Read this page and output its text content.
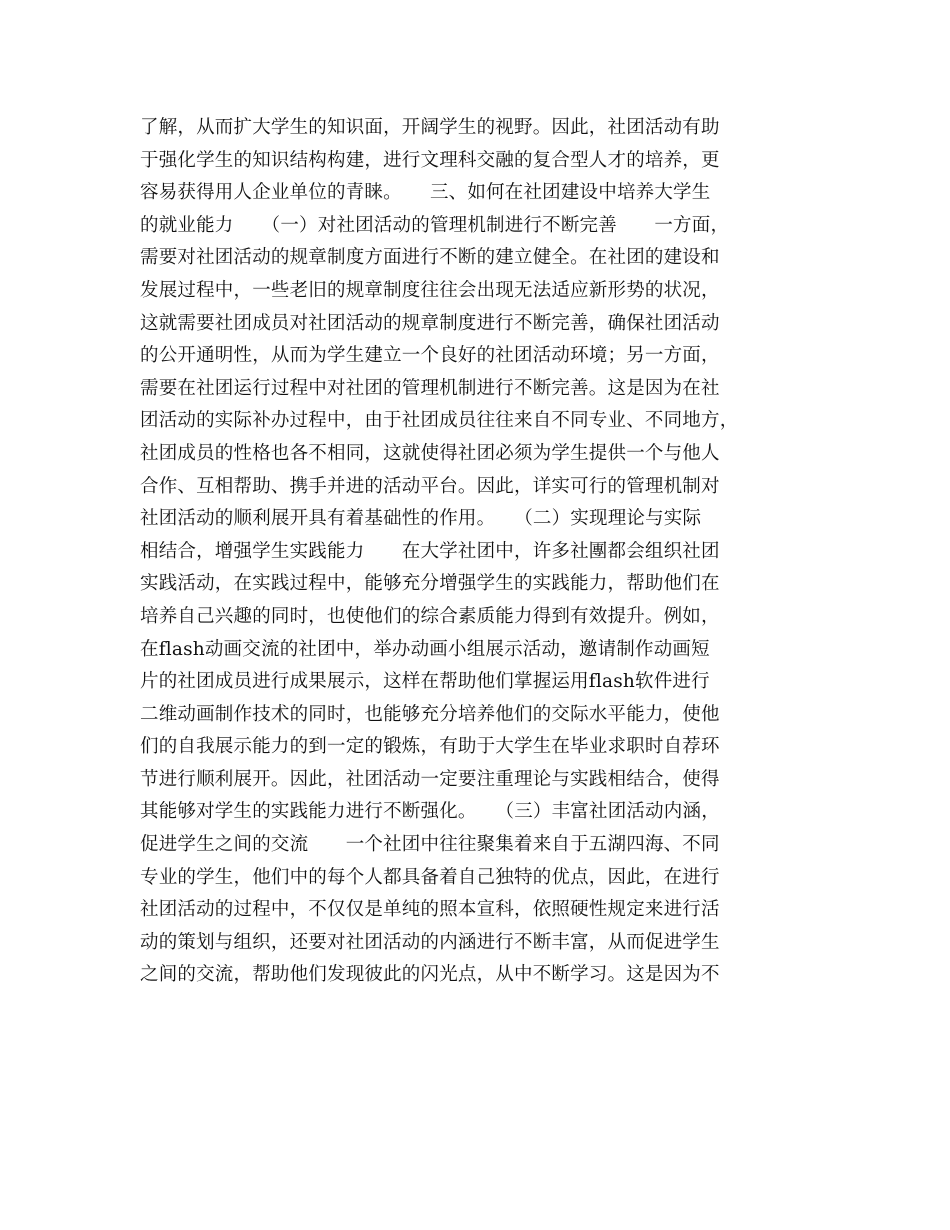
了解，从而扩大学生的知识面，开阔学生的视野。因此，社团活动有助
于强化学生的知识结构构建，进行文理科交融的复合型人才的培养，更
容易获得用人企业单位的青睐。　　三、如何在社团建设中培养大学生
的就业能力　　（一）对社团活动的管理机制进行不断完善　　一方面，
需要对社团活动的规章制度方面进行不断的建立健全。在社团的建设和
发展过程中，一些老旧的规章制度往往会出现无法适应新形势的状况，
这就需要社团成员对社团活动的规章制度进行不断完善，确保社团活动
的公开通明性，从而为学生建立一个良好的社团活动环境；另一方面，
需要在社团运行过程中对社团的管理机制进行不断完善。这是因为在社
团活动的实际补办过程中，由于社团成员往往来自不同专业、不同地方，
社团成员的性格也各不相同，这就使得社团必须为学生提供一个与他人
合作、互相帮助、携手并进的活动平台。因此，详实可行的管理机制对
社团活动的顺利展开具有着基础性的作用。　　（二）实现理论与实际
相结合，增强学生实践能力　　在大学社团中，许多社團都会组织社团
实践活动，在实践过程中，能够充分增强学生的实践能力，帮助他们在
培养自己兴趣的同时，也使他们的综合素质能力得到有效提升。例如，
在flash动画交流的社团中，举办动画小组展示活动，邀请制作动画短
片的社团成员进行成果展示，这样在帮助他们掌握运用flash软件进行
二维动画制作技术的同时，也能够充分培养他们的交际水平能力，使他
们的自我展示能力的到一定的锻炼，有助于大学生在毕业求职时自荐环
节进行顺利展开。因此，社团活动一定要注重理论与实践相结合，使得
其能够对学生的实践能力进行不断强化。　　（三）丰富社团活动内涵，
促进学生之间的交流　　一个社团中往往聚集着来自于五湖四海、不同
专业的学生，他们中的每个人都具备着自己独特的优点，因此，在进行
社团活动的过程中，不仅仅是单纯的照本宣科，依照硬性规定来进行活
动的策划与组织，还要对社团活动的内涵进行不断丰富，从而促进学生
之间的交流，帮助他们发现彼此的闪光点，从中不断学习。这是因为不
